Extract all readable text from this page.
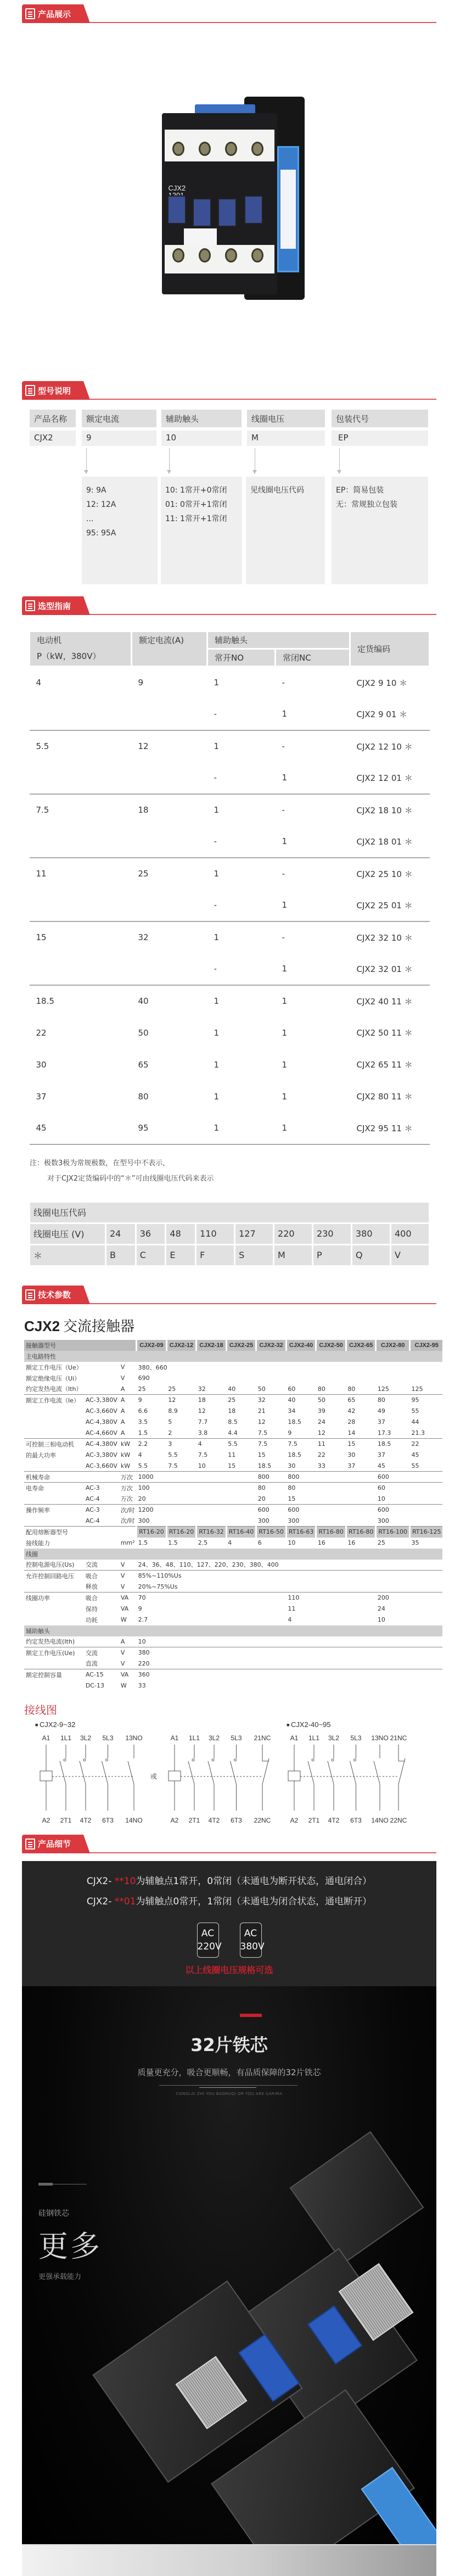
产品展示
CJX2
型号说明
产品名称	额定电流	辅助触头	线圈电压	包装代号
CJX2	9	10	M	EP
9: 9A
12: 12A
...
95: 95A
10: 1常开+0常闭
01: 0常开+1常闭
11: 1常开+1常闭
见线圈电压代码	EP：简易包装
无：常规独立包装
选型指南
电动机
P（kW，380V）	额定电流(A)	辅助触头		定货编码
		常开NO	常闭NC	
4	9	1	-	CJX2 9 10 ＊
		-	1	CJX2 9 01 ＊
5.5	12	1	-	CJX2 12 10 ＊
		-	1	CJX2 12 01 ＊
7.5	18	1	-	CJX2 18 10 ＊
		-	1	CJX2 18 01 ＊
11	25	1	-	CJX2 25 10 ＊
		-	1	CJX2 25 01 ＊
15	32	1	-	CJX2 32 10 ＊
		-	1	CJX2 32 01 ＊
18.5	40	1	1	CJX2 40 11 ＊
22	50	1	1	CJX2 50 11 ＊
30	65	1	1	CJX2 65 11 ＊
37	80	1	1	CJX2 80 11 ＊
45	95	1	1	CJX2 95 11 ＊
注：极数3极为常规极数，在型号中不表示，
对于CJX2定货编码中的“＊”可由线圈电压代码来表示
线圈电压代码									
线圈电压 (V)	24	36	48	110	127	220	230	380	400
＊	B	C	E	F	S	M	P	Q	V
技术参数
CJX2 交流接触器
接触器型号			CJX2-09	CJX2-12	CJX2-18	CJX2-25	CJX2-32	CJX2-40	CJX2-50	CJX2-65	CJX2-80	CJX2-95
主电路特性												
额定工作电压（Ue）		V	380、660									
额定绝缘电压（Ui）		V	690									
约定发热电流（Ith）		A	25	25	32	40	50	60	80	80	125	125
额定工作电流（Ie）	AC-3,380V	A	9	12	18	25	32	40	50	65	80	95
	AC-3,660V	A	6.6	8.9	12	18	21	34	39	42	49	55
	AC-4,380V	A	3.5	5	7.7	8.5	12	18.5	24	28	37	44
	AC-4,660V	A	1.5	2	3.8	4.4	7.5	9	12	14	17.3	21.3
可控制三相电动机	AC-4,380V	kW	2.2	3	4	5.5	7.5	7.5	11	15	18.5	22
的最大功率	AC-3,380V	kW	4	5.5	7.5	11	15	18.5	22	30	37	45
	AC-3,660V	kW	5.5	7.5	10	15	18.5	30	33	37	45	55
机械寿命		万次	1000				800	800			600	
电寿命	AC-3	万次	100				80	80			60	
	AC-4	万次	20				20	15			10	
操作频率	AC-3	次/时	1200				600	600			600	
	AC-4	次/时	300				300	300			300	
配用熔断器型号			RT16-20	RT16-20	RT16-32	RT16-40	RT16-50	RT16-63	RT16-80	RT16-80	RT16-100	RT16-125
接线能力		mm²	1.5	1.5	2.5	4	6	10	16	16	25	35
线圈												
控制电源电压(Us)	交流	V	24、36、48、110、127、220、230、380、400									
允许控制回路电压	吸合	V	85%~110%Us									
	释放	V	20%~75%Us									
线圈功率	吸合	VA	70					110			200	
	保持	VA	9					11			24	
	功耗	W	2.7					4			10	
辅助触头												
约定发热电流(Ith)		A	10									
额定工作电压(Ue)	交流	V	380									
	直流	V	220									
额定控制容量	AC-15	VA	360									
	DC-13	W	33									
接线图
■ CJX2-9~32	■ CJX2-40~95
A1
A2
1L1
2T1
3L2
4T2
5L3
6T3
13NO
14NO
或
A1
A2
1L1
2T1
3L2
4T2
5L3
6T3
21NC
22NC
A1
A2
1L1
2T1
3L2
4T2
5L3
6T3
13NO
14NO
21NC
22NC
产品细节
CJX2- **10为辅触点1常开，0常闭（未通电为断开状态，通电闭合）
CJX2- **01为辅触点0常开，1常闭（未通电为闭合状态，通电断开）
AC
220V
AC
380V
以上线圈电压规格可选
32片铁芯
质量更充分，吸合更顺畅，有品质保障的32片铁芯
CONGLAI ZHI YOU BAOHUQI OR YOU ARE SARIMA
硅钢铁芯
更多
更强承载能力
